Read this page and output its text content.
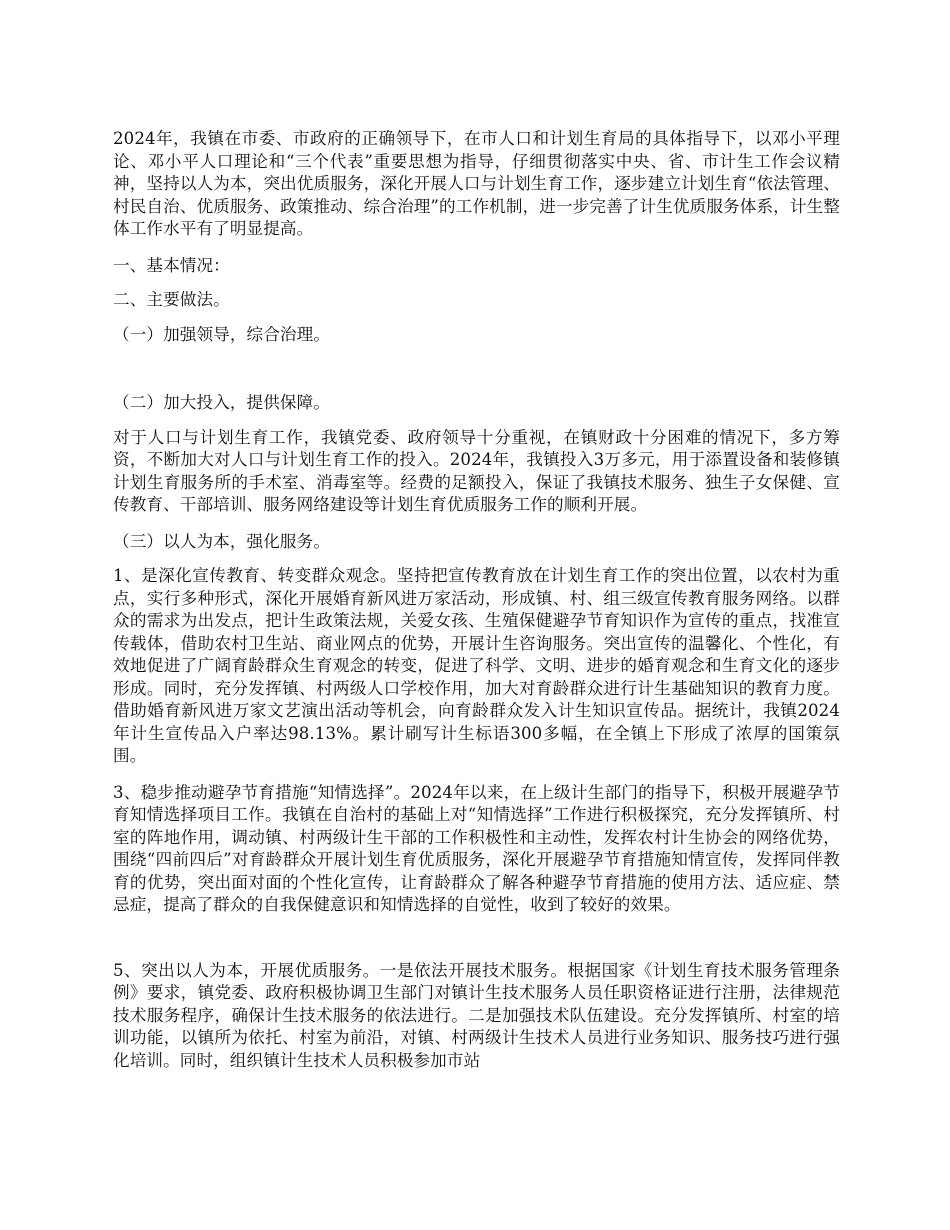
2024年，我镇在市委、市政府的正确领导下，在市人口和计划生育局的具体指导下，以邓小平理论、邓小平人口理论和“三个代表”重要思想为指导，仔细贯彻落实中央、省、市计生工作会议精神，坚持以人为本，突出优质服务，深化开展人口与计划生育工作，逐步建立计划生育“依法管理、村民自治、优质服务、政策推动、综合治理”的工作机制，进一步完善了计生优质服务体系，计生整体工作水平有了明显提高。

一、基本情况：

二、主要做法。

（一）加强领导，综合治理。

（二）加大投入，提供保障。

对于人口与计划生育工作，我镇党委、政府领导十分重视，在镇财政十分困难的情况下，多方筹资，不断加大对人口与计划生育工作的投入。2024年，我镇投入3万多元，用于添置设备和装修镇计划生育服务所的手术室、消毒室等。经费的足额投入，保证了我镇技术服务、独生子女保健、宣传教育、干部培训、服务网络建设等计划生育优质服务工作的顺利开展。

（三）以人为本，强化服务。

1、是深化宣传教育、转变群众观念。坚持把宣传教育放在计划生育工作的突出位置，以农村为重点，实行多种形式，深化开展婚育新风进万家活动，形成镇、村、组三级宣传教育服务网络。以群众的需求为出发点，把计生政策法规，关爱女孩、生殖保健避孕节育知识作为宣传的重点，找准宣传载体，借助农村卫生站、商业网点的优势，开展计生咨询服务。突出宣传的温馨化、个性化，有效地促进了广阔育龄群众生育观念的转变，促进了科学、文明、进步的婚育观念和生育文化的逐步形成。同时，充分发挥镇、村两级人口学校作用，加大对育龄群众进行计生基础知识的教育力度。借助婚育新风进万家文艺演出活动等机会，向育龄群众发入计生知识宣传品。据统计，我镇2024年计生宣传品入户率达98.13%。累计刷写计生标语300多幅，在全镇上下形成了浓厚的国策氛围。

3、稳步推动避孕节育措施“知情选择”。2024年以来，在上级计生部门的指导下，积极开展避孕节育知情选择项目工作。我镇在自治村的基础上对“知情选择”工作进行积极探究，充分发挥镇所、村室的阵地作用，调动镇、村两级计生干部的工作积极性和主动性，发挥农村计生协会的网络优势，围绕“四前四后”对育龄群众开展计划生育优质服务，深化开展避孕节育措施知情宣传，发挥同伴教育的优势，突出面对面的个性化宣传，让育龄群众了解各种避孕节育措施的使用方法、适应症、禁忌症，提高了群众的自我保健意识和知情选择的自觉性，收到了较好的效果。

5、突出以人为本，开展优质服务。一是依法开展技术服务。根据国家《计划生育技术服务管理条例》要求，镇党委、政府积极协调卫生部门对镇计生技术服务人员任职资格证进行注册，法律规范技术服务程序，确保计生技术服务的依法进行。二是加强技术队伍建设。充分发挥镇所、村室的培训功能，以镇所为依托、村室为前沿，对镇、村两级计生技术人员进行业务知识、服务技巧进行强化培训。同时，组织镇计生技术人员积极参加市站
